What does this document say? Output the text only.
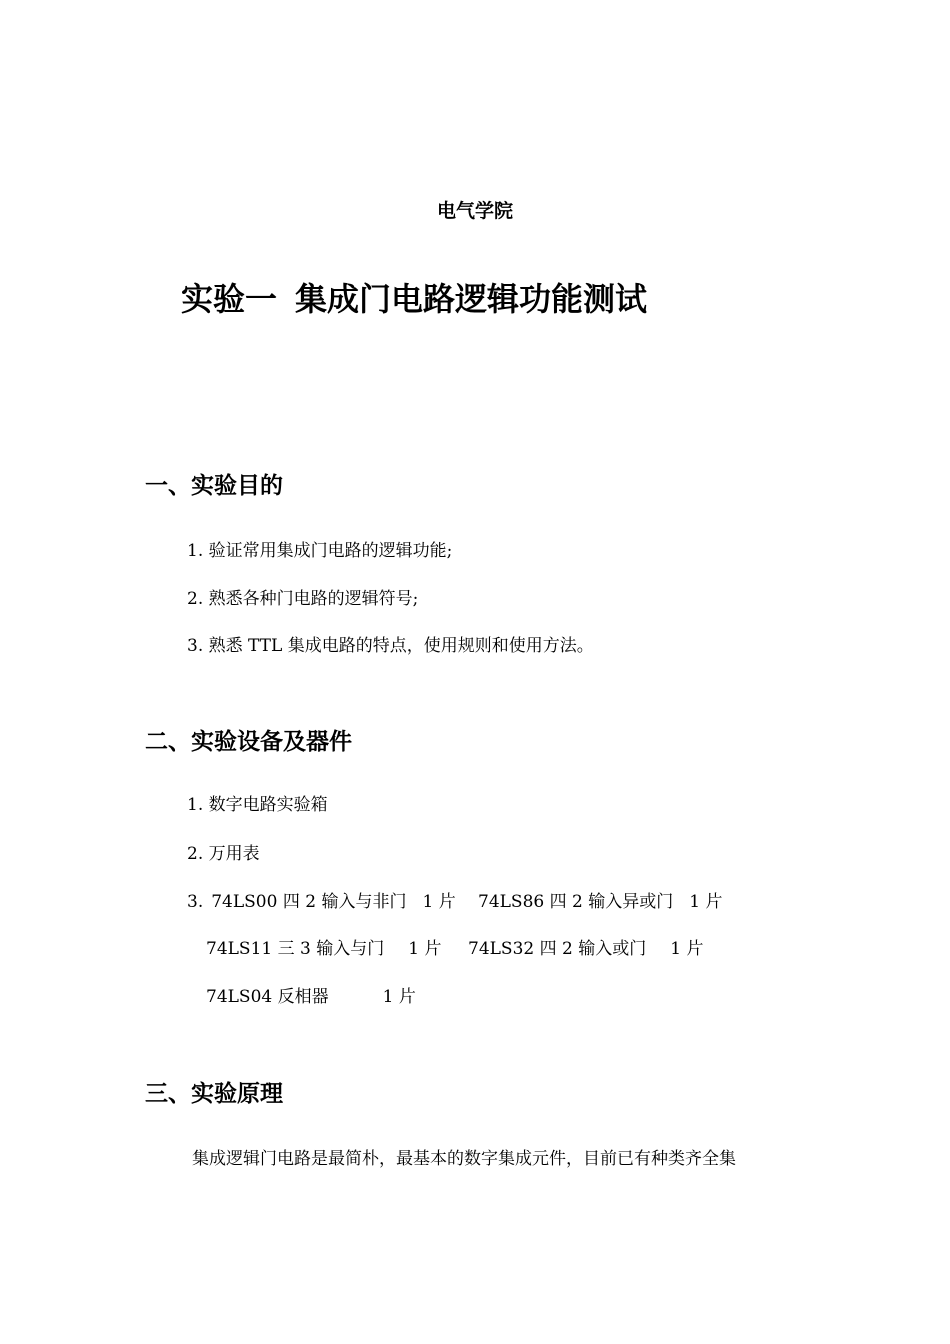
电气学院
实验一 集成门电路逻辑功能测试
一、实验目的
1. 验证常用集成门电路的逻辑功能;
2. 熟悉各种门电路的逻辑符号;
3. 熟悉 TTL 集成电路的特点，使用规则和使用方法。
二、实验设备及器件
1. 数字电路实验箱
2. 万用表
3. 74LS00 四 2 输入与非门 1 片 74LS86 四 2 输入异或门 1 片
74LS11 三 3 输入与门 1 片 74LS32 四 2 输入或门 1 片
74LS04 反相器	1 片
三、实验原理
集成逻辑门电路是最简朴，最基本的数字集成元件，目前已有种类齐全集
